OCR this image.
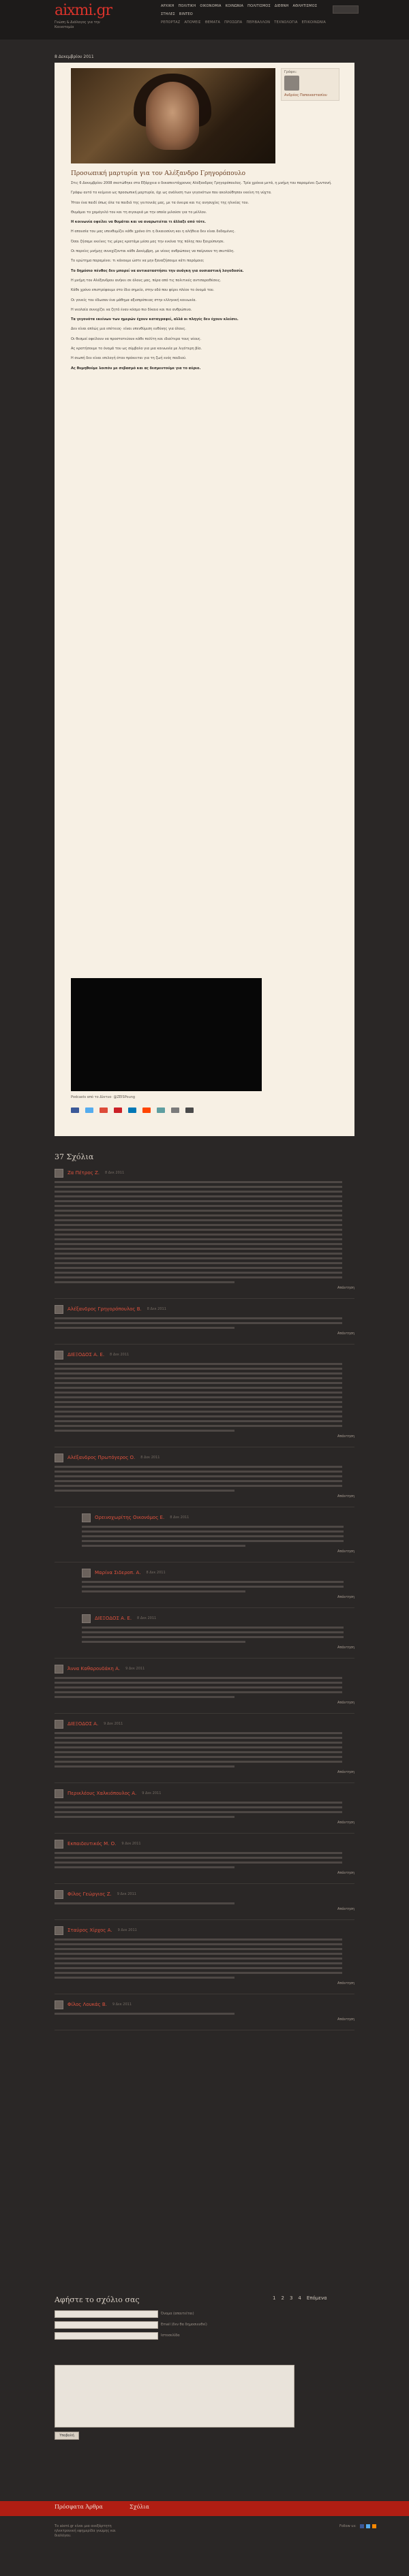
aixmi.gr
Γνώση & Διάλογος για την Καινοτομία
ΑΡΧΙΚΗ ΠΟΛΙΤΙΚΗ ΟΙΚΟΝΟΜΙΑ ΚΟΙΝΩΝΙΑ ΠΟΛΙΤΙΣΜΟΣ ΔΙΕΘΝΗ ΑΘΛΗΤΙΣΜΟΣ
ΣΤΗΛΕΣ ΒΙΝΤΕΟ
ΡΕΠΟΡΤΑΖ ΑΠΟΨΕΙΣ ΘΕΜΑΤΑ ΠΡΟΣΩΠΑ ΠΕΡΙΒΑΛΛΟΝ ΤΕΧΝΟΛΟΓΙΑ ΕΠΙΚΟΙΝΩΝΙΑ
8 Δεκεμβρίου 2011
Γράφει:
Ανδρέας Παπαναστασίου
Προσωπική μαρτυρία για τον Αλέξανδρο Γρηγορόπουλο
Στις 6 Δεκεμβρίου 2008 σκοτώθηκε στα Εξάρχεια ο δεκαπεντάχρονος Αλέξανδρος Γρηγορόπουλος. Τρία χρόνια μετά, η μνήμη του παραμένει ζωντανή.
Γράφω αυτό το κείμενο ως προσωπική μαρτυρία, όχι ως ανάλυση των γεγονότων που ακολούθησαν εκείνη τη νύχτα.
Ήταν ένα παιδί όπως όλα τα παιδιά της γειτονιάς μας, με τα όνειρα και τις ανησυχίες της ηλικίας του.
Θυμάμαι το χαμόγελό του και τη σιγουριά με την οποία μιλούσε για το μέλλον.
Η κοινωνία οφείλει να θυμάται και να αναρωτιέται τι άλλαξε από τότε.
Η απουσία του μας υπενθυμίζει κάθε χρόνο ότι η δικαιοσύνη και η αλήθεια δεν είναι δεδομένες.
Όσοι ζήσαμε εκείνες τις μέρες κρατάμε μέσα μας την εικόνα της πόλης που ξαγρύπνησε.
Οι πορείες μνήμης συνεχίζονται κάθε Δεκέμβρη, με νέους ανθρώπους να παίρνουν τη σκυτάλη.
Το ερώτημα παραμένει: τι κάνουμε ώστε να μην ξαναζήσουμε κάτι παρόμοιο;
Το δημόσιο πένθος δεν μπορεί να αντικαταστήσει την ανάγκη για ουσιαστική λογοδοσία.
Η μνήμη του Αλέξανδρου ανήκει σε όλους μας, πέρα από τις πολιτικές αντιπαραθέσεις.
Κάθε χρόνο επιστρέφουμε στο ίδιο σημείο, στην οδό που φέρει πλέον το όνομά του.
Οι γονείς του έδωσαν ένα μάθημα αξιοπρέπειας στην ελληνική κοινωνία.
Η νεολαία συνεχίζει να ζητά έναν κόσμο πιο δίκαιο και πιο ανθρώπινο.
Τα γεγονότα εκείνων των ημερών έχουν καταγραφεί, αλλά οι πληγές δεν έχουν κλείσει.
Δεν είναι απλώς μια επέτειος· είναι υπενθύμιση ευθύνης για όλους.
Οι θεσμοί οφείλουν να προστατεύουν κάθε πολίτη και ιδιαίτερα τους νέους.
Ας κρατήσουμε το όνομά του ως σύμβολο για μια κοινωνία με λιγότερη βία.
Η σιωπή δεν είναι επιλογή όταν πρόκειται για τη ζωή ενός παιδιού.
Ας θυμηθούμε λοιπόν με σεβασμό και ας δεσμευτούμε για το αύριο.
Podcasts από το Δίκτυο· @ZEISPoung
37 Σχόλια
Ζα Πέτρος Ζ. 8 Δεκ 2011
Απάντηση
Αλέξανδρος Γρηγορόπουλος Β. 8 Δεκ 2011
Απάντηση
ΔΙΕΞΟΔΟΣ Α. Ε. 8 Δεκ 2011
Απάντηση
Αλέξανδρος Πρωτόγερος Ο. 8 Δεκ 2011
Απάντηση
Ορεινοχωρίτης Οικονόμος Ε. 8 Δεκ 2011
Απάντηση
Μαρίνα Σιδεροπ. Α. 8 Δεκ 2011
Απάντηση
ΔΙΕΞΟΔΟΣ Α. Ε. 8 Δεκ 2011
Απάντηση
Άννα Καθαρουδάκη Α. 9 Δεκ 2011
Απάντηση
ΔΙΕΞΟΔΟΣ Α. 9 Δεκ 2011
Απάντηση
Περικλέους Χαλκιόπουλος Α. 9 Δεκ 2011
Απάντηση
Εκπαιδευτικός Μ. Ο. 9 Δεκ 2011
Απάντηση
Φίλος Γεώργιος Ζ. 9 Δεκ 2011
Απάντηση
Σταύρος Χίρχος Α. 9 Δεκ 2011
Απάντηση
Φίλος Λουκάς Β. 9 Δεκ 2011
Απάντηση
Αφήστε το σχόλιο σας	1 2 3 4 Επόμενα
Όνομα (απαιτείται)
Email (δεν θα δημοσιευθεί)
Ιστοσελίδα
Υποβολή
Πρόσφατα Άρθρα	Σχόλια
Το aixmi.gr είναι μια ανεξάρτητη ηλεκτρονική εφημερίδα γνώμης και διαλόγου.
Follow us:
